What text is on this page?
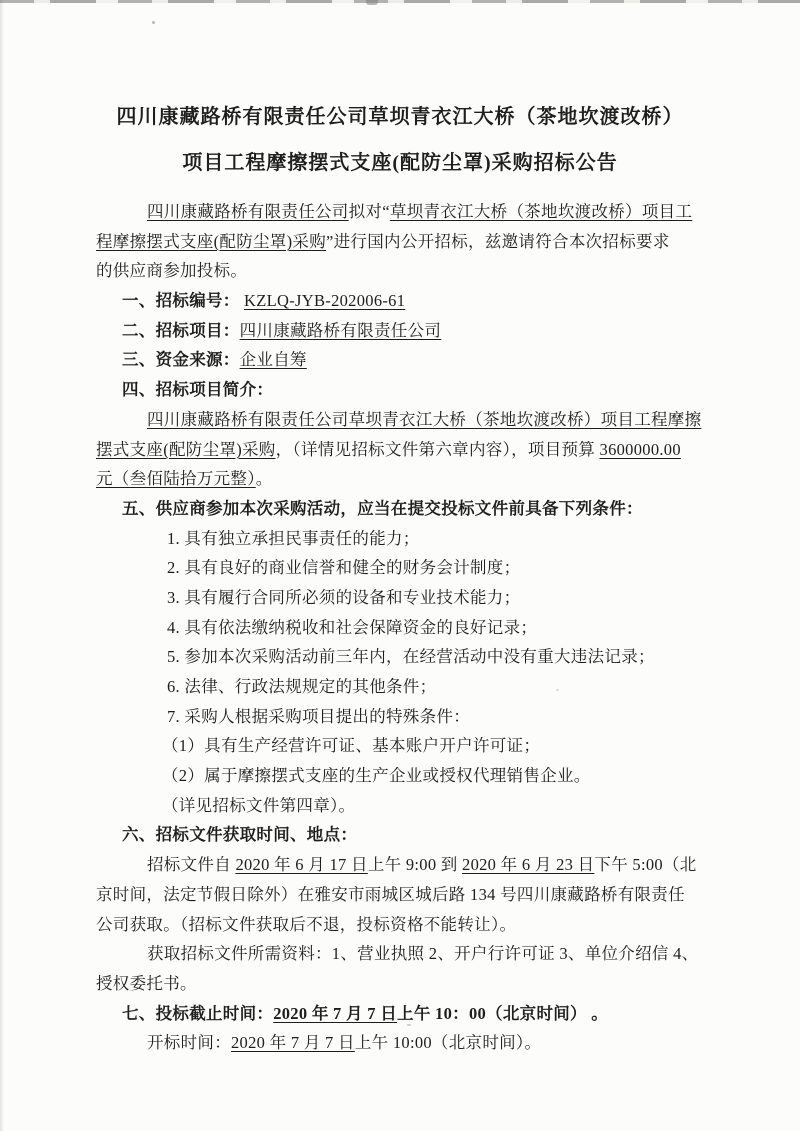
四川康藏路桥有限责任公司草坝青衣江大桥（茶地坎渡改桥）
项目工程摩擦摆式支座(配防尘罩)采购招标公告
四川康藏路桥有限责任公司拟对“草坝青衣江大桥（茶地坎渡改桥）项目工
程摩擦摆式支座(配防尘罩)采购”进行国内公开招标，兹邀请符合本次招标要求
的供应商参加投标。
一、招标编号： KZLQ-JYB-202006-61
二、招标项目：四川康藏路桥有限责任公司
三、资金来源：企业自筹
四、招标项目简介：
四川康藏路桥有限责任公司草坝青衣江大桥（茶地坎渡改桥）项目工程摩擦
摆式支座(配防尘罩)采购，（详情见招标文件第六章内容），项目预算 3600000.00
元（叁佰陆拾万元整）。
五、供应商参加本次采购活动，应当在提交投标文件前具备下列条件：
1. 具有独立承担民事责任的能力；
2. 具有良好的商业信誉和健全的财务会计制度；
3. 具有履行合同所必须的设备和专业技术能力；
4. 具有依法缴纳税收和社会保障资金的良好记录；
5. 参加本次采购活动前三年内，在经营活动中没有重大违法记录；
6. 法律、行政法规规定的其他条件；
7. 采购人根据采购项目提出的特殊条件：
（1）具有生产经营许可证、基本账户开户许可证；
（2）属于摩擦摆式支座的生产企业或授权代理销售企业。
（详见招标文件第四章）。
六、招标文件获取时间、地点：
招标文件自 2020 年 6 月 17 日上午 9:00 到 2020 年 6 月 23 日下午 5:00（北
京时间，法定节假日除外）在雅安市雨城区城后路 134 号四川康藏路桥有限责任
公司获取。（招标文件获取后不退，投标资格不能转让）。
获取招标文件所需资料：1、营业执照 2、开户行许可证 3、单位介绍信 4、
授权委托书。
七、投标截止时间：2020 年 7 月 7 日上午 10：00（北京时间） 。
开标时间：2020 年 7 月 7 日上午 10:00（北京时间）。
